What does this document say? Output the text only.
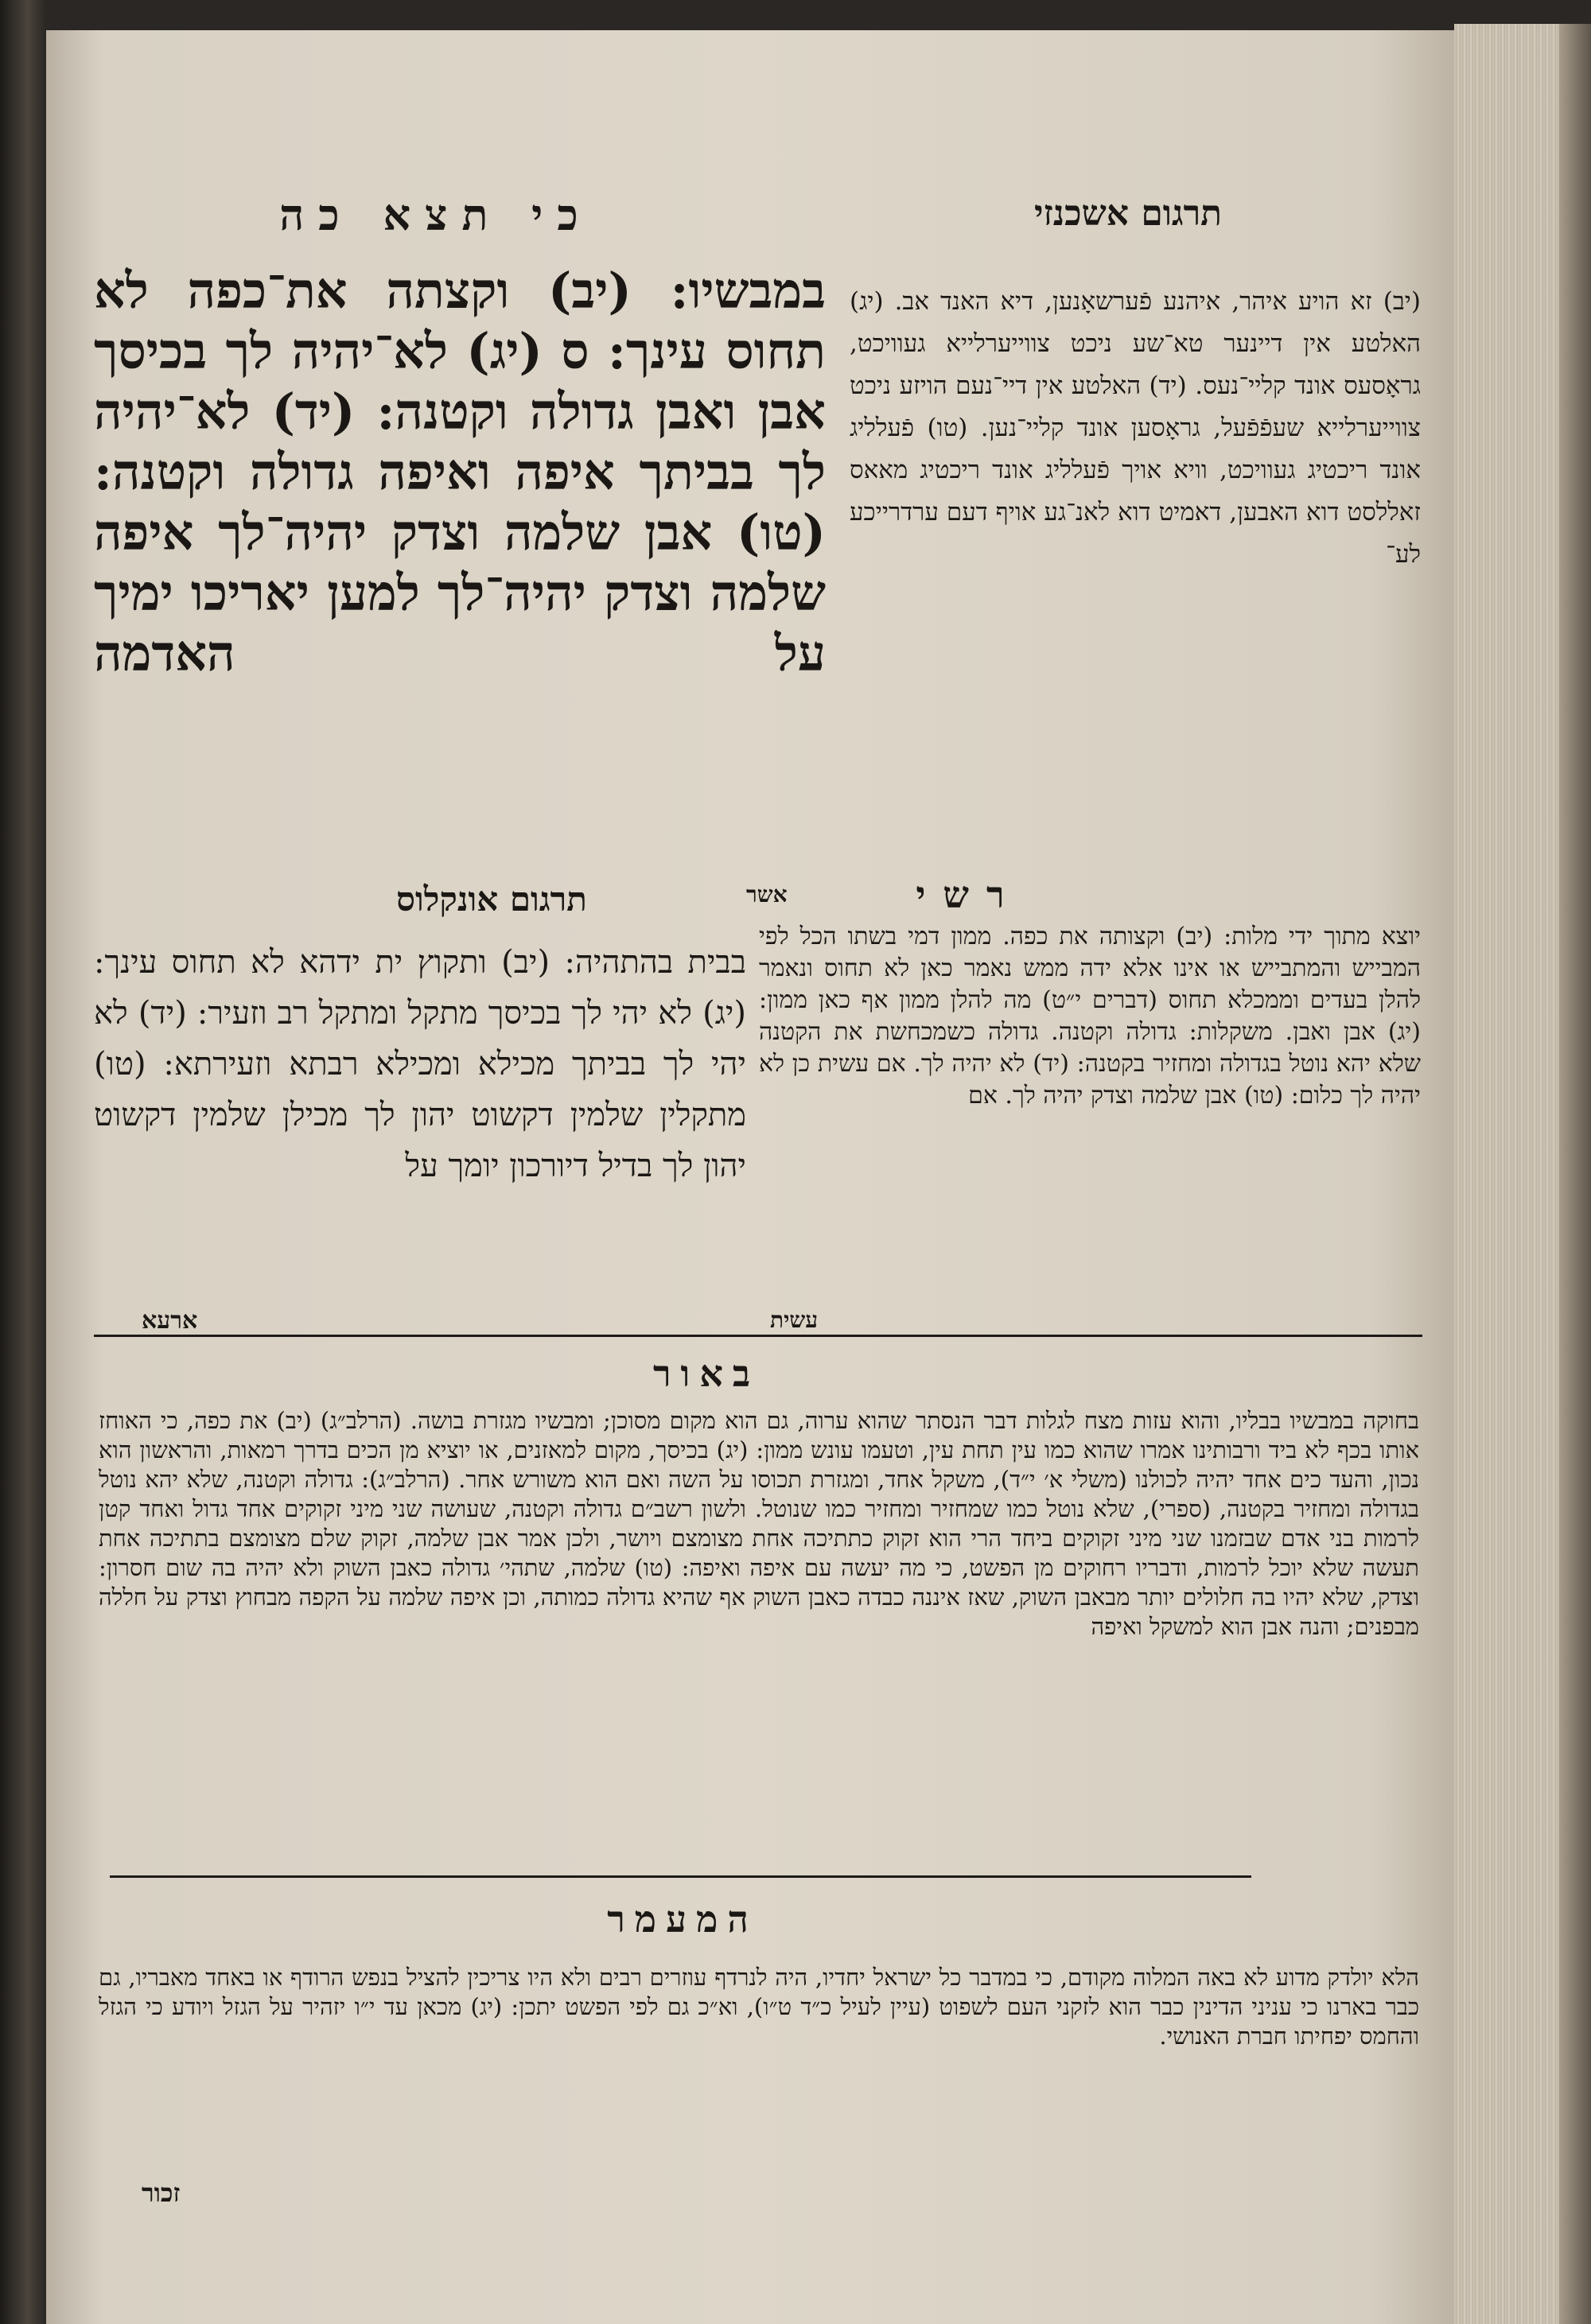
כי תצא כה	תרגום אשכנזי
במבשיו: (יב) וקצתה את־כפה לא תחוס עינך: ס (יג) לא־יהיה לך בכיסך אבן ואבן גדולה וקטנה: (יד) לא־יהיה לך בביתך איפה ואיפה גדולה וקטנה: (טו) אבן שלמה וצדק יהיה־לך איפה שלמה וצדק יהיה־לך למען יאריכו ימיך על האדמה
אשר
(יב) זא הויע איהר, איהנע פֿערשאָנען, דיא האנד אב. (יג) האלטע אין דיינער טא־שע ניכט צווייערלייא געוויכט, גראָסעס אונד קליי־נעס. (יד) האלטע אין דיי־נעם הויזע ניכט צווייערלייא שעפֿפֿעל, גראָסען אונד קליי־נען. (טו) פֿעלליג אונד ריכטיג געוויכט, וויא אויך פֿעלליג אונד ריכטיג מאאס זאללסט דוא האבען, דאמיט דוא לאנ־גע אויף דעם ערדרייכע לע־
תרגום אונקלוס	רשי
בבית בהתהיה: (יב) ותקוץ ית ידהא לא תחוס עינך: (יג) לא יהי לך בכיסך מתקל ומתקל רב וזעיר: (יד) לא יהי לך בביתך מכילא ומכילא רבתא וזעירתא: (טו) מתקלין שלמין דקשוט יהון לך מכילן שלמין דקשוט יהון לך בדיל דיורכון יומך על
ארעא
יוצא מתוך ידי מלות: (יב) וקצותה את כפה. ממון דמי בשתו הכל לפי המבייש והמתבייש או אינו אלא ידה ממש נאמר כאן לא תחוס ונאמר להלן בעדים וממכלא תחוס (דברים י״ט) מה להלן ממון אף כאן ממון: (יג) אבן ואבן. משקלות: גדולה וקטנה. גדולה כשמכחשת את הקטנה שלא יהא נוטל בגדולה ומחזיר בקטנה: (יד) לא יהיה לך. אם עשית כן לא יהיה לך כלום: (טו) אבן שלמה וצדק יהיה לך. אם
עשית
באור
בחוקה במבשיו בבליו, והוא עזות מצח לגלות דבר הנסתר שהוא ערוה, גם הוא מקום מסוכן; ומבשיו מגזרת בושה. (הרלב״ג) (יב) את כפה, כי האוחז אותו בכף לא ביד ורבותינו אמרו שהוא כמו עין תחת עין, וטעמו עונש ממון: (יג) בכיסך, מקום למאזנים, או יוציא מן הכים בדרך רמאות, והראשון הוא נכון, והעד כים אחד יהיה לכולנו (משלי א׳ י״ד), משקל אחד, ומגזרת תכוסו על השה ואם הוא משורש אחר. (הרלב״ג): גדולה וקטנה, שלא יהא נוטל בגדולה ומחזיר בקטנה, (ספרי), שלא נוטל כמו שמחזיר ומחזיר כמו שנוטל. ולשון רשב״ם גדולה וקטנה, שעושה שני מיני זקוקים אחד גדול ואחד קטן לרמות בני אדם שבזמנו שני מיני זקוקים ביחד הרי הוא זקוק כתתיכה אחת מצומצם ויושר, ולכן אמר אבן שלמה, זקוק שלם מצומצם בתתיכה אחת תעשה שלא יוכל לרמות, ודבריו רחוקים מן הפשט, כי מה יעשה עם איפה ואיפה: (טו) שלמה, שתהי׳ גדולה כאבן השוק ולא יהיה בה שום חסרון: וצדק, שלא יהיו בה חלולים יותר מבאבן השוק, שאז איננה כבדה כאבן השוק אף שהיא גדולה כמותה, וכן איפה שלמה על הקפה מבחוץ וצדק על חללה מבפנים; והנה אבן הוא למשקל ואיפה
המעמר
הלא יולדק מדוע לא באה המלוה מקודם, כי במדבר כל ישראל יחדיו, היה לנרדף עוזרים רבים ולא היו צריכין להציל בנפש הרודף או באחד מאבריו, גם כבר בארנו כי עניני הדינין כבר הוא לזקני העם לשפוט (עיין לעיל כ״ד ט״ו), וא״כ גם לפי הפשט יתכן: (יג) מכאן עד י״ו יזהיר על הגזל ויודע כי הגזל והחמס יפחיתו חברת האנושי.
זכור
